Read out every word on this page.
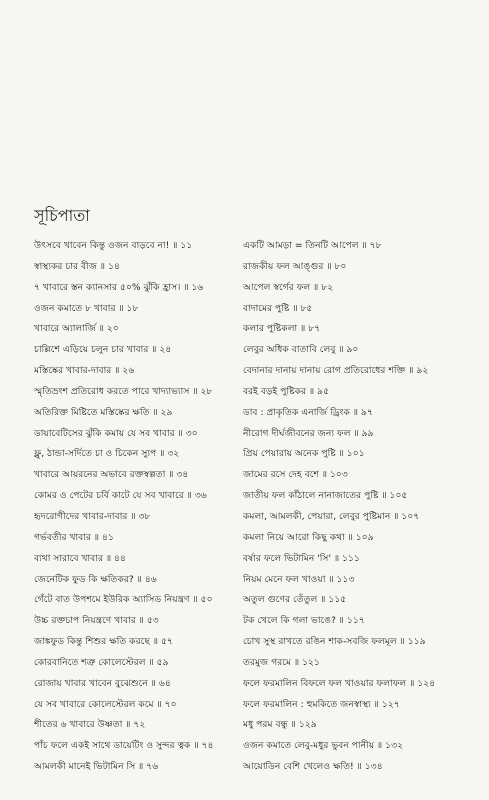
সূচিপাতা
উৎসবে খাবেন কিন্তু ওজন বাড়বে না! ॥ ১১
স্বাস্থ্যকর চার বীজ ॥ ১৪
৭ খাবারে স্তন ক্যানসার ৫০% ঝুঁকি হ্রাস। ॥ ১৬
ওজন কমাতে ৮ খাবার ॥ ১৮
খাবারে অ্যালার্জি ॥ ২০
চাল্লিশে এড়িয়ে চলুন চার খাবার ॥ ২৪
মস্তিষ্কের খাবার-দাবার ॥ ২৬
স্মৃতিভ্রংশ প্রতিরোধ করতে পারে খাদ্যাভ্যাস ॥ ২৮
অতিরিক্ত মিষ্টিতে মস্তিষ্কের ক্ষতি ॥ ২৯
ডায়াবেটিসের ঝুঁকি কমায় যে সব খাবার ॥ ৩০
ফ্লু, ঠান্ডা-সর্দিতে চা ও চিকেন স্যুপ ॥ ৩২
খাবারে আয়রনের অভাবে রক্তস্বল্পতা ॥ ৩৪
কোমর ও পেটের চর্বি কাটে যে সব খাবারে ॥ ৩৬
হৃদরোগীদের খাবার-দাবার ॥ ৩৮
গর্ভবতীর খাবার ॥ ৪১
ব্যথা সারাবে খাবার ॥ ৪৪
জেনেটিক ফুড কি ক্ষতিকর? ॥ ৪৬
গেঁটে বাত উপশমে ইউরিক অ্যাসিড নিয়ন্ত্রণ ॥ ৫০
উচ্চ রক্তচাপ নিয়ন্ত্রণে খাবার ॥ ৫৩
জাঙ্কফুড কিন্তু শিশুর ক্ষতি করছে ॥ ৫৭
কোরবানিতে শত্রু কোলেস্টেরল ॥ ৫৯
রোজায় খাবার খাবেন বুঝেশুনে ॥ ৬৪
যে সব খাবারে কোলেস্টেরল কমে ॥ ৭০
শীতের ৬ খাবারে উষ্ণতা ॥ ৭২
পাঁচ ফলে একই সাথে ডায়েটিং ও সুন্দর ত্বক ॥ ৭৪
আমলকী মানেই ভিটামিন সি ॥ ৭৬
একটি আমড়া = তিনটি আপেল ॥ ৭৮
রাজকীয় ফল আঙ্গুর ॥ ৮০
আপেল স্বর্গের ফল ॥ ৮২
বাদামের পুষ্টি ॥ ৮৫
কলার পুষ্টিকলা ॥ ৮৭
লেবুর অধিক বাতাবি লেবু ॥ ৯০
বেদানার দানায় দানায় রোগ প্রতিরোধের শক্তি ॥ ৯২
বরই বড়ই পুষ্টিকর ॥ ৯৫
ডাব : প্রাকৃতিক এনার্জি ড্রিংক ॥ ৯৭
নীরোগ দীর্ঘজীবনের জন্য ফল ॥ ৯৯
প্রিয় পেয়ারায় অনেক পুষ্টি ॥ ১০১
জামের রসে দেহ বশে ॥ ১০৩
জাতীয় ফল কাঁঠালে নানাজাতের পুষ্টি ॥ ১০৫
কমলা, আমলকী, পেয়ারা, লেবুর পুষ্টিমান ॥ ১০৭
কমলা নিয়ে আরো কিছু কথা ॥ ১০৯
বর্ষার ফলে ভিটামিন 'সি' ॥ ১১১
নিয়ম মেনে ফল খাওয়া ॥ ১১৩
অতুল গুণের তেঁতুল ॥ ১১৫
টক খেলে কি গলা ভাঙে? ॥ ১১৭
চোখ সুস্থ রাখতে রঙিন শাক-সবজি ফলমূল ॥ ১১৯
তরমুজ গরমে ॥ ১২১
ফলে ফরমালিন বিফলে ফল খাওয়ার ফলাফল ॥ ১২৪
ফলে ফরমালিন : হুমকিতে জনস্বাস্থ্য ॥ ১২৭
মধু পরম বন্ধু ॥ ১২৯
ওজন কমাতে লেবু-মধুর ভুবন পানীয় ॥ ১৩২
আয়োডিন বেশি খেলেও ক্ষতি! ॥ ১৩৪
